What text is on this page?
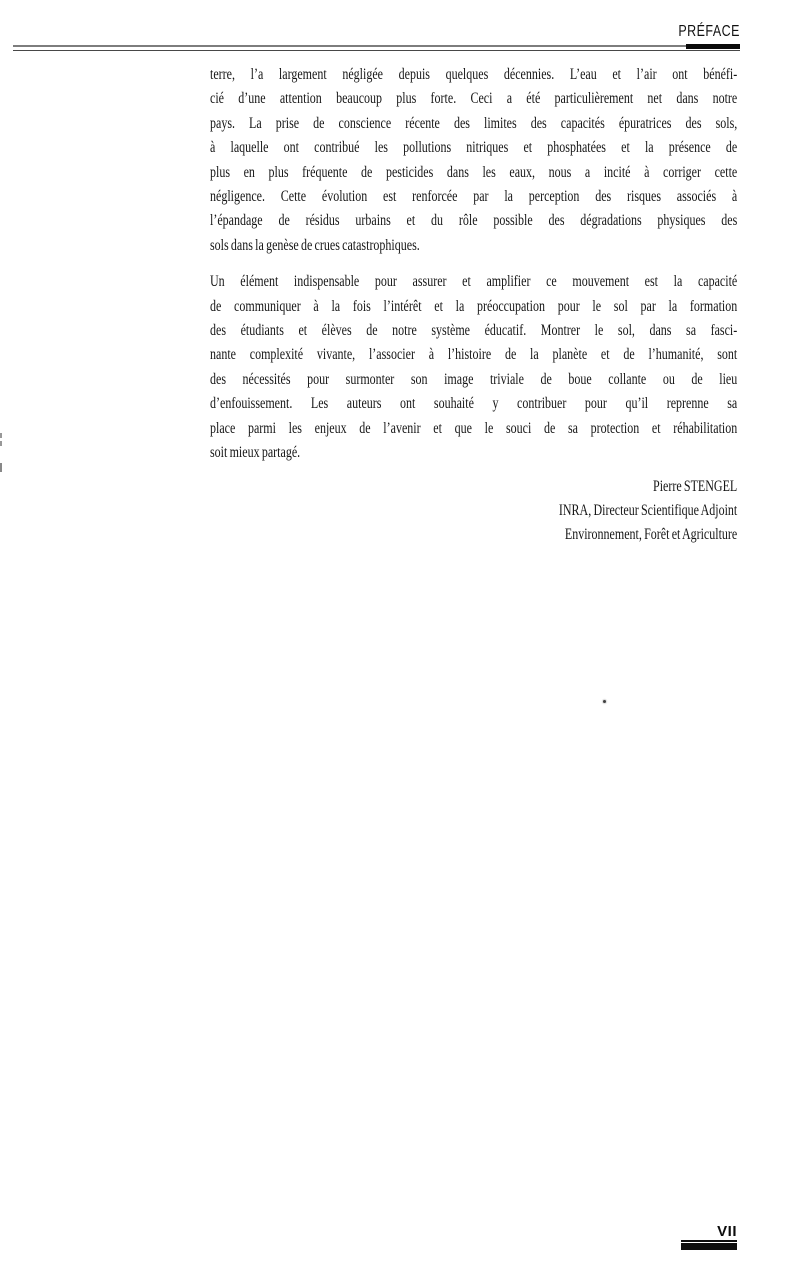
PRÉFACE
terre, l’a largement négligée depuis quelques décennies. L’eau et l’air ont bénéfi-
cié d’une attention beaucoup plus forte. Ceci a été particulièrement net dans notre
pays. La prise de conscience récente des limites des capacités épuratrices des sols,
à laquelle ont contribué les pollutions nitriques et phosphatées et la présence de
plus en plus fréquente de pesticides dans les eaux, nous a incité à corriger cette
négligence. Cette évolution est renforcée par la perception des risques associés à
l’épandage de résidus urbains et du rôle possible des dégradations physiques des
sols dans la genèse de crues catastrophiques.
Un élément indispensable pour assurer et amplifier ce mouvement est la capacité
de communiquer à la fois l’intérêt et la préoccupation pour le sol par la formation
des étudiants et élèves de notre système éducatif. Montrer le sol, dans sa fasci-
nante complexité vivante, l’associer à l’histoire de la planète et de l’humanité, sont
des nécessités pour surmonter son image triviale de boue collante ou de lieu
d’enfouissement. Les auteurs ont souhaité y contribuer pour qu’il reprenne sa
place parmi les enjeux de l’avenir et que le souci de sa protection et réhabilitation
soit mieux partagé.
Pierre STENGEL
INRA, Directeur Scientifique Adjoint
Environnement, Forêt et Agriculture
VII
